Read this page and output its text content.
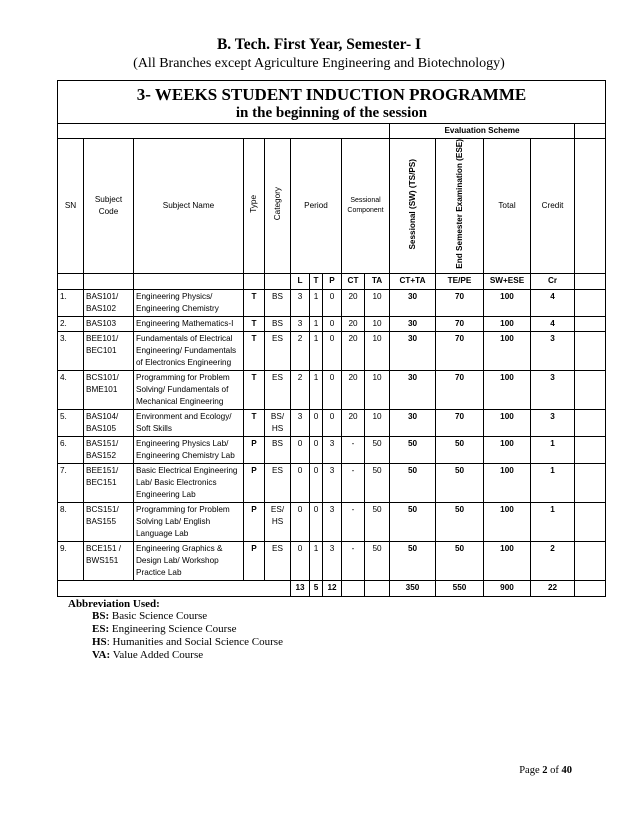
B. Tech. First Year, Semester- I
(All Branches except Agriculture Engineering and Biotechnology)
3- WEEKS STUDENT INDUCTION PROGRAMME
in the beginning of the session														

										Evaluation Scheme				
SN	Subject Code	Subject Name	Type	Category	Period			Sessional Component		Sessional (SW) (TS/PS)	End Semester Examination (ESE)	Total	Credit	
					L	T	P	CT	TA	CT+TA	TE/PE	SW+ESE	Cr	
1.	BAS101/ BAS102	Engineering Physics/ Engineering Chemistry	T	BS	3	1	0	20	10	30	70	100	4	
2.	BAS103	Engineering Mathematics-I	T	BS	3	1	0	20	10	30	70	100	4	
3.	BEE101/ BEC101	Fundamentals of Electrical Engineering/ Fundamentals of Electronics Engineering	T	ES	2	1	0	20	10	30	70	100	3	
4.	BCS101/ BME101	Programming for Problem Solving/ Fundamentals of Mechanical Engineering	T	ES	2	1	0	20	10	30	70	100	3	
5.	BAS104/ BAS105	Environment and Ecology/ Soft Skills	T	BS/ HS	3	0	0	20	10	30	70	100	3	
6.	BAS151/ BAS152	Engineering Physics Lab/ Engineering Chemistry Lab	P	BS	0	0	3	-	50	50	50	100	1	
7.	BEE151/ BEC151	Basic Electrical Engineering Lab/ Basic Electronics Engineering Lab	P	ES	0	0	3	-	50	50	50	100	1	
8.	BCS151/ BAS155	Programming for Problem Solving Lab/ English Language Lab	P	ES/ HS	0	0	3	-	50	50	50	100	1	
9.	BCE151 / BWS151	Engineering Graphics & Design Lab/ Workshop Practice Lab	P	ES	0	1	3	-	50	50	50	100	2	
					13	5	12			350	550	900	22	
Abbreviation Used:
BS: Basic Science Course
ES: Engineering Science Course
HS: Humanities and Social Science Course
VA: Value Added Course
Page 2 of 40
